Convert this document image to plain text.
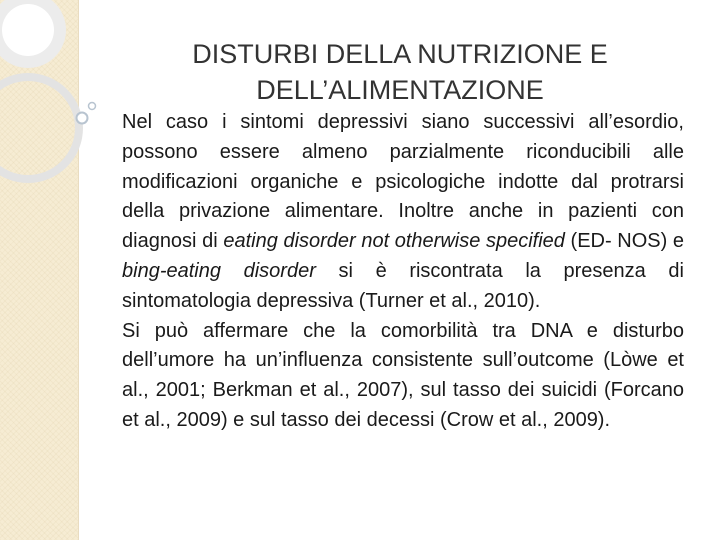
DISTURBI DELLA NUTRIZIONE E
DELL’ALIMENTAZIONE

Nel caso i sintomi depressivi siano successivi all’esordio, possono essere almeno parzialmente riconducibili alle modificazioni organiche e psicologiche indotte dal protrarsi della privazione alimentare. Inoltre anche in pazienti con diagnosi di eating disorder not otherwise specified (ED- NOS) e bing-eating disorder si è riscontrata la presenza di sintomatologia depressiva (Turner et al., 2010).

Si può affermare che la comorbilità tra DNA e disturbo dell’umore ha un’influenza consistente sull’outcome (Lòwe et al., 2001; Berkman et al., 2007), sul tasso dei suicidi (Forcano et al., 2009) e sul tasso dei decessi (Crow et al., 2009).
